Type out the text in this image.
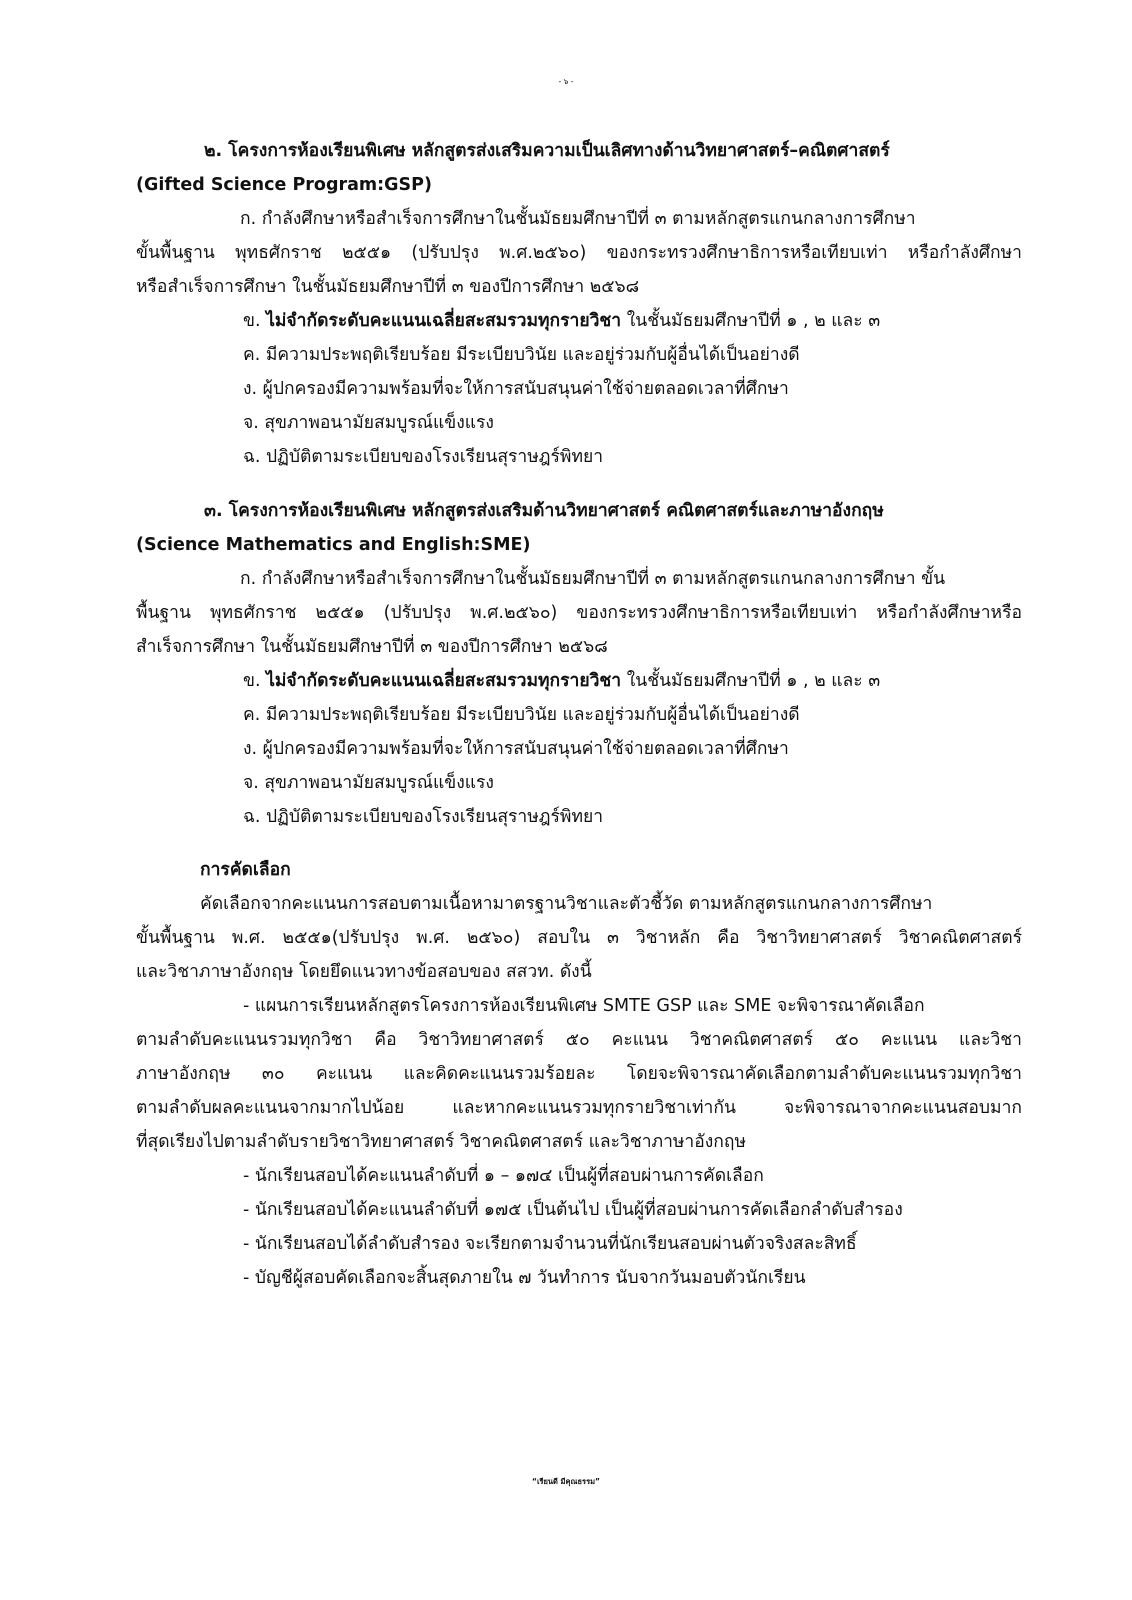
- ๖ -
๒. โครงการห้องเรียนพิเศษ หลักสูตรส่งเสริมความเป็นเลิศทางด้านวิทยาศาสตร์–คณิตศาสตร์
(Gifted Science Program:GSP)
ก. กำลังศึกษาหรือสำเร็จการศึกษาในชั้นมัธยมศึกษาปีที่ ๓ ตามหลักสูตรแกนกลางการศึกษา
ขั้นพื้นฐาน พุทธศักราช ๒๕๕๑ (ปรับปรุง พ.ศ.๒๕๖๐) ของกระทรวงศึกษาธิการหรือเทียบเท่า หรือกำลังศึกษา
หรือสำเร็จการศึกษา ในชั้นมัธยมศึกษาปีที่ ๓ ของปีการศึกษา ๒๕๖๘
ข. ไม่จำกัดระดับคะแนนเฉลี่ยสะสมรวมทุกรายวิชา ในชั้นมัธยมศึกษาปีที่ ๑ , ๒ และ ๓
ค. มีความประพฤติเรียบร้อย มีระเบียบวินัย และอยู่ร่วมกับผู้อื่นได้เป็นอย่างดี
ง. ผู้ปกครองมีความพร้อมที่จะให้การสนับสนุนค่าใช้จ่ายตลอดเวลาที่ศึกษา
จ. สุขภาพอนามัยสมบูรณ์แข็งแรง
ฉ. ปฏิบัติตามระเบียบของโรงเรียนสุราษฎร์พิทยา
๓. โครงการห้องเรียนพิเศษ หลักสูตรส่งเสริมด้านวิทยาศาสตร์ คณิตศาสตร์และภาษาอังกฤษ
(Science Mathematics and English:SME)
ก. กำลังศึกษาหรือสำเร็จการศึกษาในชั้นมัธยมศึกษาปีที่ ๓ ตามหลักสูตรแกนกลางการศึกษา ขั้น
พื้นฐาน พุทธศักราช ๒๕๕๑ (ปรับปรุง พ.ศ.๒๕๖๐) ของกระทรวงศึกษาธิการหรือเทียบเท่า หรือกำลังศึกษาหรือ
สำเร็จการศึกษา ในชั้นมัธยมศึกษาปีที่ ๓ ของปีการศึกษา ๒๕๖๘
ข. ไม่จำกัดระดับคะแนนเฉลี่ยสะสมรวมทุกรายวิชา ในชั้นมัธยมศึกษาปีที่ ๑ , ๒ และ ๓
ค. มีความประพฤติเรียบร้อย มีระเบียบวินัย และอยู่ร่วมกับผู้อื่นได้เป็นอย่างดี
ง. ผู้ปกครองมีความพร้อมที่จะให้การสนับสนุนค่าใช้จ่ายตลอดเวลาที่ศึกษา
จ. สุขภาพอนามัยสมบูรณ์แข็งแรง
ฉ. ปฏิบัติตามระเบียบของโรงเรียนสุราษฎร์พิทยา
การคัดเลือก
คัดเลือกจากคะแนนการสอบตามเนื้อหามาตรฐานวิชาและตัวชี้วัด ตามหลักสูตรแกนกลางการศึกษา
ขั้นพื้นฐาน พ.ศ. ๒๕๕๑(ปรับปรุง พ.ศ. ๒๕๖๐) สอบใน ๓ วิชาหลัก คือ วิชาวิทยาศาสตร์ วิชาคณิตศาสตร์
และวิชาภาษาอังกฤษ โดยยึดแนวทางข้อสอบของ สสวท. ดังนี้
- แผนการเรียนหลักสูตรโครงการห้องเรียนพิเศษ SMTE GSP และ SME จะพิจารณาคัดเลือก
ตามลำดับคะแนนรวมทุกวิชา คือ วิชาวิทยาศาสตร์ ๕๐ คะแนน วิชาคณิตศาสตร์ ๕๐ คะแนน และวิชา
ภาษาอังกฤษ ๓๐ คะแนน และคิดคะแนนรวมร้อยละ โดยจะพิจารณาคัดเลือกตามลำดับคะแนนรวมทุกวิชา
ตามลำดับผลคะแนนจากมากไปน้อย และหากคะแนนรวมทุกรายวิชาเท่ากัน จะพิจารณาจากคะแนนสอบมาก
ที่สุดเรียงไปตามลำดับรายวิชาวิทยาศาสตร์ วิชาคณิตศาสตร์ และวิชาภาษาอังกฤษ
- นักเรียนสอบได้คะแนนลำดับที่ ๑ – ๑๗๔ เป็นผู้ที่สอบผ่านการคัดเลือก
- นักเรียนสอบได้คะแนนลำดับที่ ๑๗๕ เป็นต้นไป เป็นผู้ที่สอบผ่านการคัดเลือกลำดับสำรอง
- นักเรียนสอบได้ลำดับสำรอง จะเรียกตามจำนวนที่นักเรียนสอบผ่านตัวจริงสละสิทธิ์
- บัญชีผู้สอบคัดเลือกจะสิ้นสุดภายใน ๗ วันทำการ นับจากวันมอบตัวนักเรียน
“เรียนดี มีคุณธรรม”
